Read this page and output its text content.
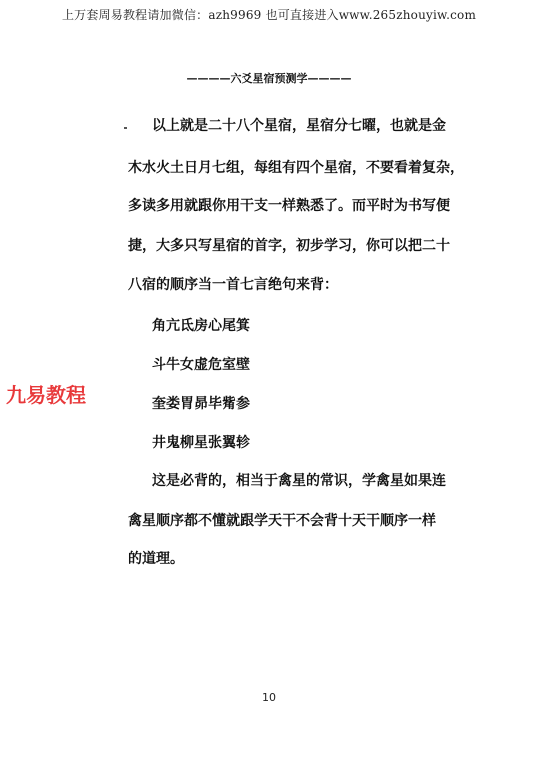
上万套周易教程请加微信：azh9969 也可直接进入www.265zhouyiw.com
————六爻星宿预测学————
以上就是二十八个星宿，星宿分七曜，也就是金
木水火土日月七组，每组有四个星宿，不要看着复杂，
多读多用就跟你用干支一样熟悉了。而平时为书写便
捷，大多只写星宿的首字，初步学习，你可以把二十
八宿的顺序当一首七言绝句来背：
角亢氐房心尾箕
斗牛女虚危室壁
奎娄胃昴毕觜参
井鬼柳星张翼轸
这是必背的，相当于禽星的常识，学禽星如果连
禽星顺序都不懂就跟学天干不会背十天干顺序一样
的道理。
九易教程
10
